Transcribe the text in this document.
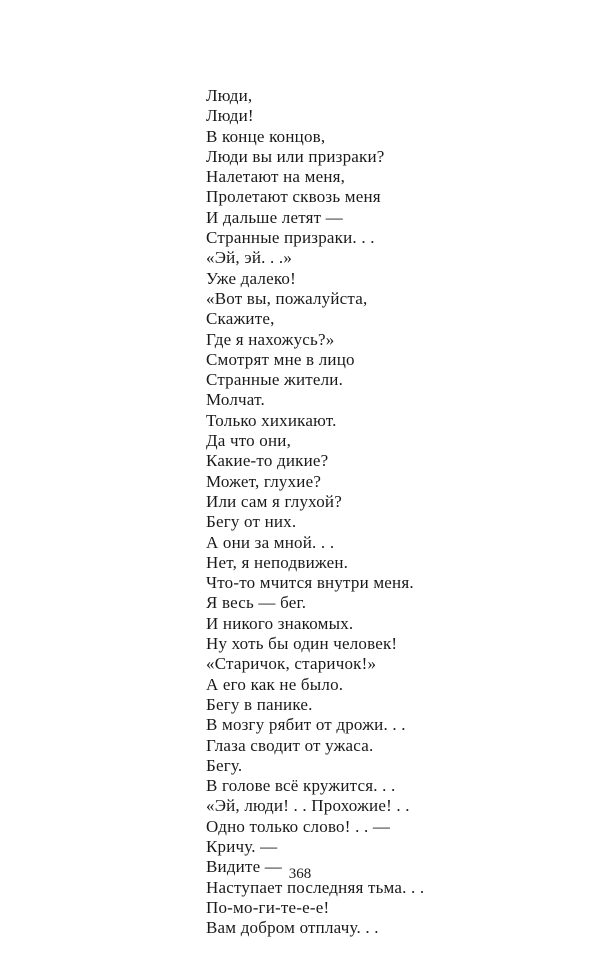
Люди,
Люди!
В конце концов,
Люди вы или призраки?
Налетают на меня,
Пролетают сквозь меня
И дальше летят —
Странные призраки. . .
«Эй, эй. . .»
Уже далеко!
«Вот вы, пожалуйста,
Скажите,
Где я нахожусь?»
Смотрят мне в лицо
Странные жители.
Молчат.
Только хихикают.
Да что они,
Какие-то дикие?
Может, глухие?
Или сам я глухой?
Бегу от них.
А они за мной. . .
Нет, я неподвижен.
Что-то мчится внутри меня.
Я весь — бег.
И никого знакомых.
Ну хоть бы один человек!
«Старичок, старичок!»
А его как не было.
Бегу в панике.
В мозгу рябит от дрожи. . .
Глаза сводит от ужаса.
Бегу.
В голове всё кружится. . .
«Эй, люди! . . Прохожие! . .
Одно только слово! . . —
Кричу. —
Видите —
Наступает последняя тьма. . .
По-мо-ги-те-е-е!
Вам добром отплачу. . .
368
